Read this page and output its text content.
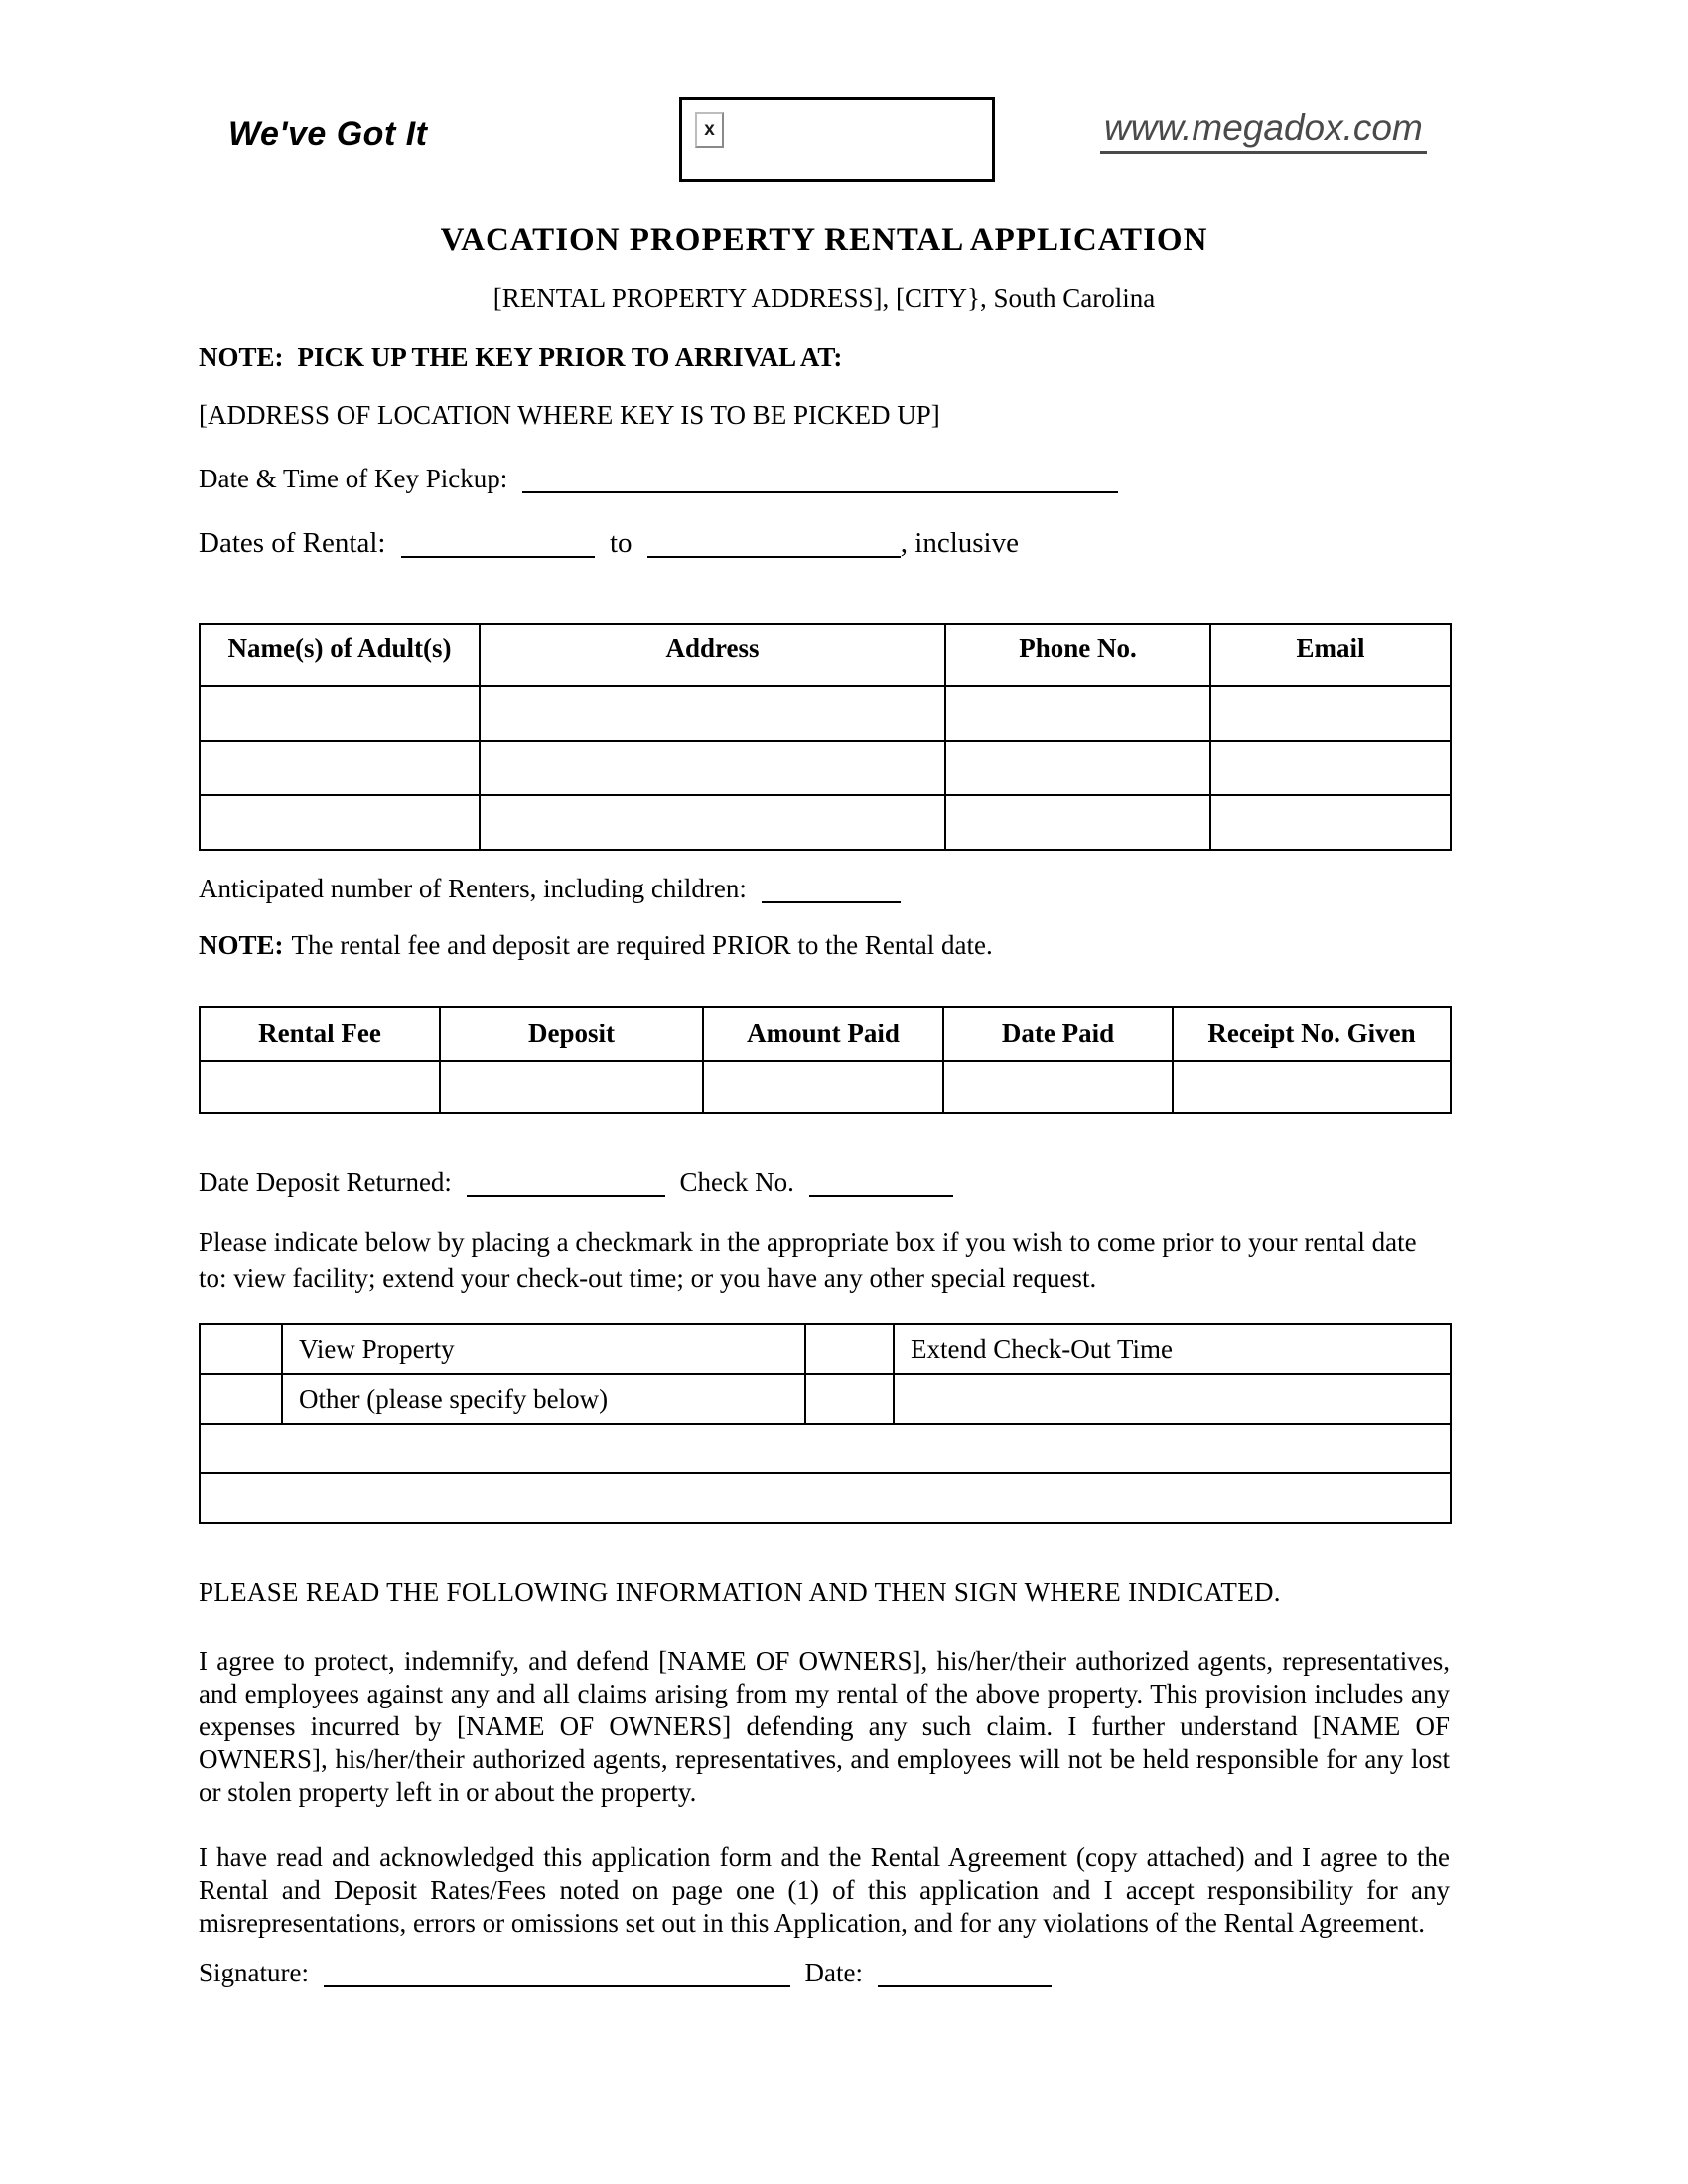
We've Got It	x	www.megadox.com
VACATION PROPERTY RENTAL APPLICATION
[RENTAL PROPERTY ADDRESS], [CITY}, South Carolina
NOTE: PICK UP THE KEY PRIOR TO ARRIVAL AT:
[ADDRESS OF LOCATION WHERE KEY IS TO BE PICKED UP]
Date & Time of Key Pickup:
Dates of Rental:	to	, inclusive
Name(s) of Adult(s)	Address	Phone No.	Email

Anticipated number of Renters, including children:
NOTE: The rental fee and deposit are required PRIOR to the Rental date.
Rental Fee	Deposit	Amount Paid	Date Paid	Receipt No. Given

Date Deposit Returned:	Check No.
Please indicate below by placing a checkmark in the appropriate box if you wish to come prior to your rental date to: view facility; extend your check-out time; or you have any other special request.
	View Property		Extend Check-Out Time
	Other (please specify below)		

PLEASE READ THE FOLLOWING INFORMATION AND THEN SIGN WHERE INDICATED.
I agree to protect, indemnify, and defend [NAME OF OWNERS], his/her/their authorized agents, representatives, and employees against any and all claims arising from my rental of the above property. This provision includes any expenses incurred by [NAME OF OWNERS] defending any such claim. I further understand [NAME OF OWNERS], his/her/their authorized agents, representatives, and employees will not be held responsible for any lost or stolen property left in or about the property.
I have read and acknowledged this application form and the Rental Agreement (copy attached) and I agree to the Rental and Deposit Rates/Fees noted on page one (1) of this application and I accept responsibility for any misrepresentations, errors or omissions set out in this Application, and for any violations of the Rental Agreement.
Signature:	Date:
